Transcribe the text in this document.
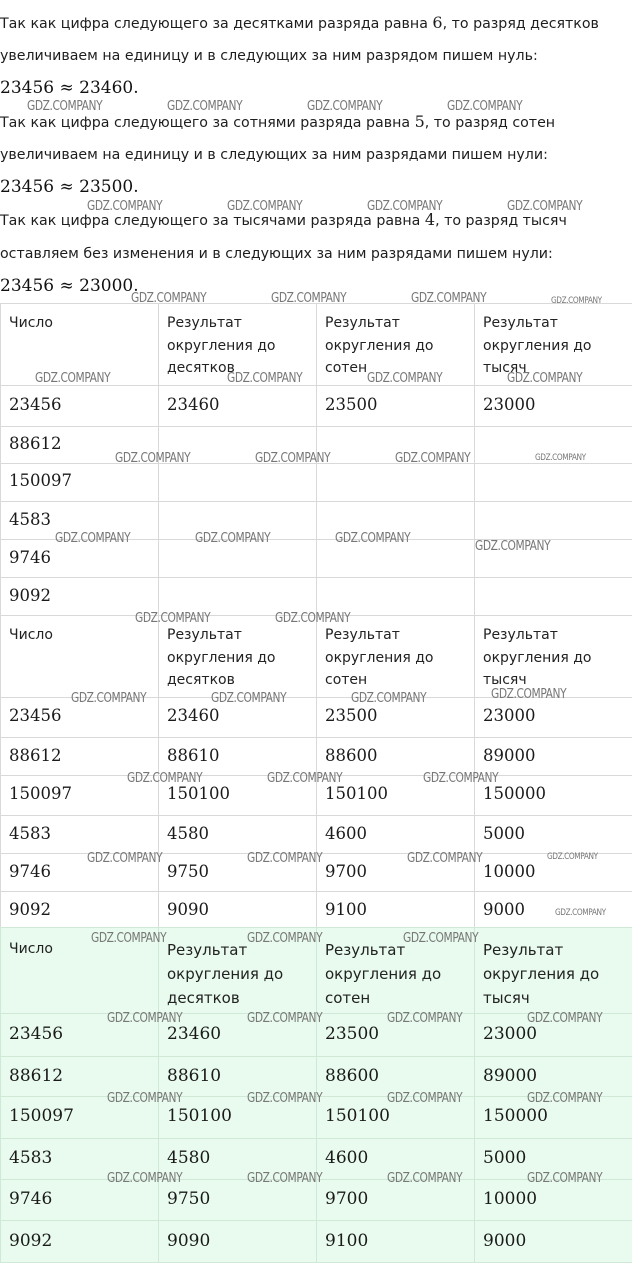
Так как цифра следующего за десятками разряда равна 6, то разряд десятков
увеличиваем на единицу и в следующих за ним разрядом пишем нуль:
23456 ≈ 23460.
Так как цифра следующего за сотнями разряда равна 5, то разряд сотен
увеличиваем на единицу и в следующих за ним разрядами пишем нули:
23456 ≈ 23500.
Так как цифра следующего за тысячами разряда равна 4, то разряд тысяч
оставляем без изменения и в следующих за ним разрядами пишем нули:
23456 ≈ 23000.
Число	Результат округления до десятков	Результат округления до сотен	Результат округления до тысяч

23456	23460	23500	23000

88612			

150097			

4583			

9746			

9092			

Число	Результат округления до десятков	Результат округления до сотен	Результат округления до тысяч

23456	23460	23500	23000

88612	88610	88600	89000

150097	150100	150100	150000

4583	4580	4600	5000

9746	9750	9700	10000

9092	9090	9100	9000
Число	Результат округления до десятков	Результат округления до сотен	Результат округления до тысяч

23456	23460	23500	23000

88612	88610	88600	89000

150097	150100	150100	150000

4583	4580	4600	5000

9746	9750	9700	10000

9092	9090	9100	9000
GDZ.COMPANY	GDZ.COMPANY	GDZ.COMPANY	GDZ.COMPANY
GDZ.COMPANY	GDZ.COMPANY	GDZ.COMPANY	GDZ.COMPANY
GDZ.COMPANY	GDZ.COMPANY	GDZ.COMPANY	GDZ.COMPANY
GDZ.COMPANY	GDZ.COMPANY	GDZ.COMPANY	GDZ.COMPANY
GDZ.COMPANY	GDZ.COMPANY	GDZ.COMPANY	GDZ.COMPANY
GDZ.COMPANY	GDZ.COMPANY	GDZ.COMPANY
GDZ.COMPANY
GDZ.COMPANY	GDZ.COMPANY
GDZ.COMPANY	GDZ.COMPANY	GDZ.COMPANY	GDZ.COMPANY
GDZ.COMPANY	GDZ.COMPANY	GDZ.COMPANY
GDZ.COMPANY	GDZ.COMPANY	GDZ.COMPANY	GDZ.COMPANY
GDZ.COMPANY
GDZ.COMPANY	GDZ.COMPANY	GDZ.COMPANY
GDZ.COMPANY	GDZ.COMPANY	GDZ.COMPANY	GDZ.COMPANY
GDZ.COMPANY	GDZ.COMPANY	GDZ.COMPANY	GDZ.COMPANY
GDZ.COMPANY	GDZ.COMPANY	GDZ.COMPANY	GDZ.COMPANY
